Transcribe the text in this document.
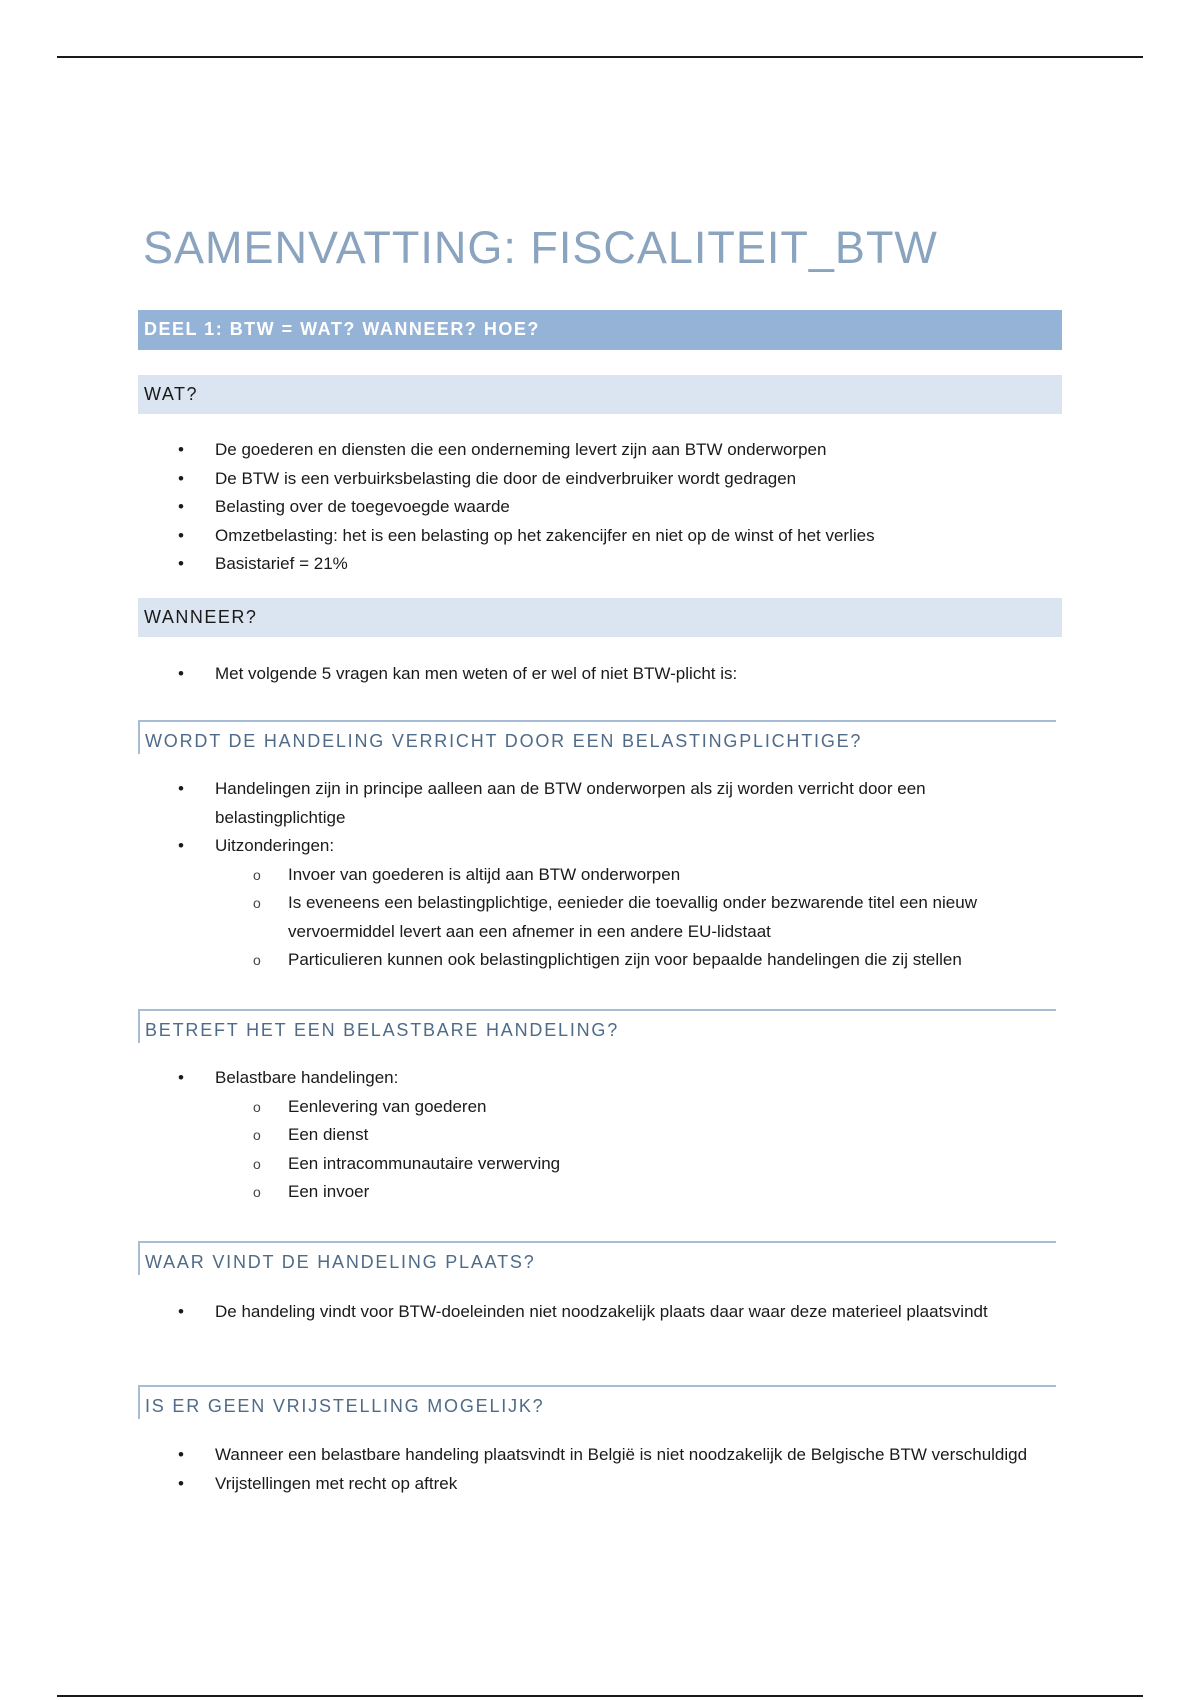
SAMENVATTING: FISCALITEIT_BTW
DEEL 1: BTW = WAT? WANNEER? HOE?
WAT?
• De goederen en diensten die een onderneming levert zijn aan BTW onderworpen
• De BTW is een verbuirksbelasting die door de eindverbruiker wordt gedragen
• Belasting over de toegevoegde waarde
• Omzetbelasting: het is een belasting op het zakencijfer en niet op de winst of het verlies
• Basistarief = 21%
WANNEER?
• Met volgende 5 vragen kan men weten of er wel of niet BTW-plicht is:
WORDT DE HANDELING VERRICHT DOOR EEN BELASTINGPLICHTIGE?
• Handelingen zijn in principe aalleen aan de BTW onderworpen als zij worden verricht door een belastingplichtige
• Uitzonderingen:
o Invoer van goederen is altijd aan BTW onderworpen
o Is eveneens een belastingplichtige, eenieder die toevallig onder bezwarende titel een nieuw vervoermiddel levert aan een afnemer in een andere EU-lidstaat
o Particulieren kunnen ook belastingplichtigen zijn voor bepaalde handelingen die zij stellen
BETREFT HET EEN BELASTBARE HANDELING?
• Belastbare handelingen:
o Eenlevering van goederen
o Een dienst
o Een intracommunautaire verwerving
o Een invoer
WAAR VINDT DE HANDELING PLAATS?
• De handeling vindt voor BTW-doeleinden niet noodzakelijk plaats daar waar deze materieel plaatsvindt
IS ER GEEN VRIJSTELLING MOGELIJK?
• Wanneer een belastbare handeling plaatsvindt in België is niet noodzakelijk de Belgische BTW verschuldigd
• Vrijstellingen met recht op aftrek
